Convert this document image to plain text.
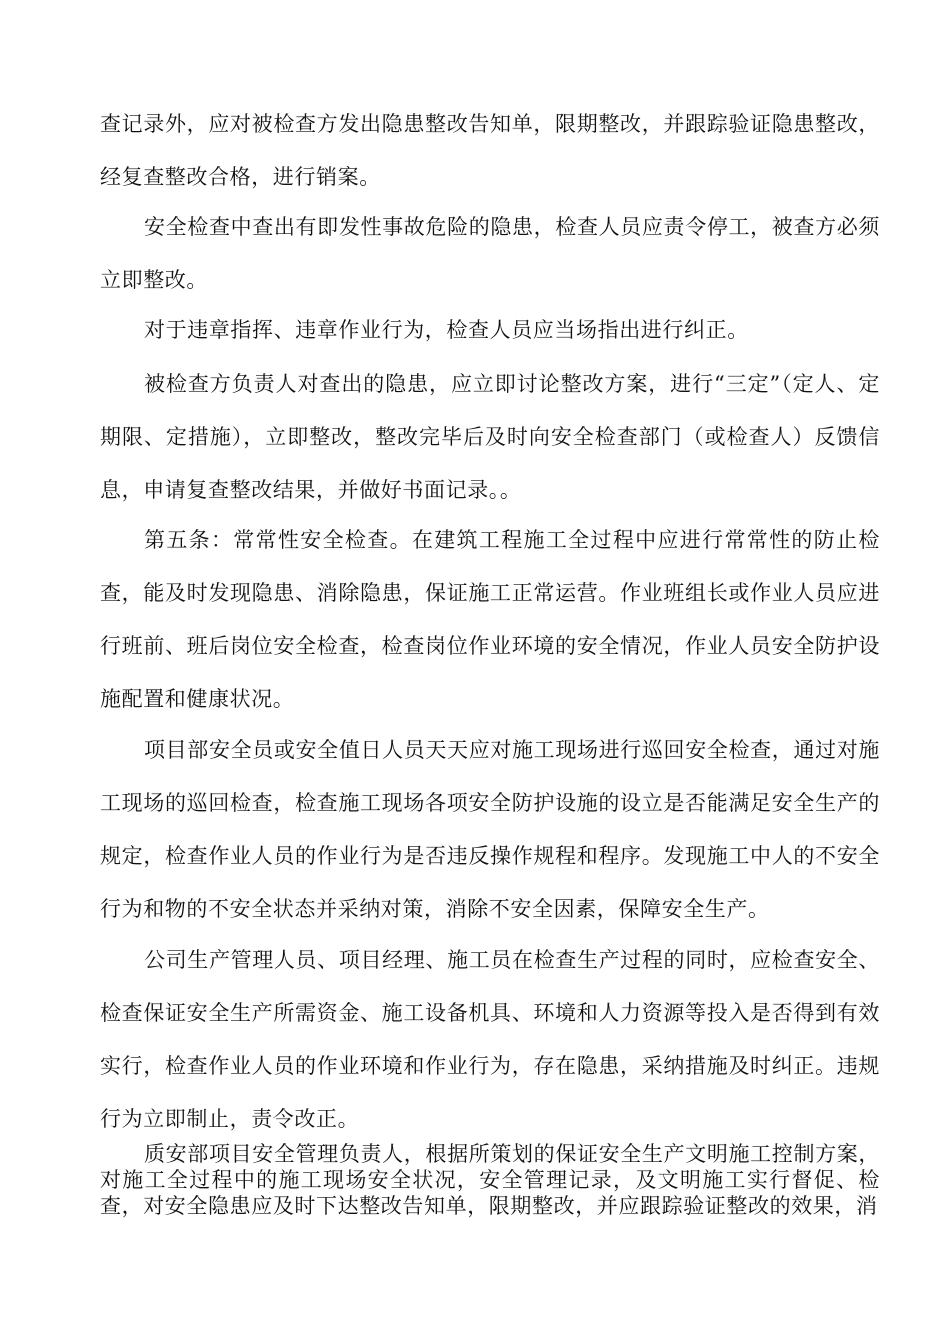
查记录外，应对被检查方发出隐患整改告知单，限期整改，并跟踪验证隐患整改，经复查整改合格，进行销案。

安全检查中查出有即发性事故危险的隐患，检查人员应责令停工，被查方必须立即整改。

对于违章指挥、违章作业行为，检查人员应当场指出进行纠正。

被检查方负责人对查出的隐患，应立即讨论整改方案，进行“三定”（定人、定期限、定措施），立即整改，整改完毕后及时向安全检查部门（或检查人）反馈信息，申请复查整改结果，并做好书面记录。。

第五条：常常性安全检查。在建筑工程施工全过程中应进行常常性的防止检查，能及时发现隐患、消除隐患，保证施工正常运营。作业班组长或作业人员应进行班前、班后岗位安全检查，检查岗位作业环境的安全情况，作业人员安全防护设施配置和健康状况。

项目部安全员或安全值日人员天天应对施工现场进行巡回安全检查，通过对施工现场的巡回检查，检查施工现场各项安全防护设施的设立是否能满足安全生产的规定，检查作业人员的作业行为是否违反操作规程和程序。发现施工中人的不安全行为和物的不安全状态并采纳对策，消除不安全因素，保障安全生产。

公司生产管理人员、项目经理、施工员在检查生产过程的同时，应检查安全、检查保证安全生产所需资金、施工设备机具、环境和人力资源等投入是否得到有效实行，检查作业人员的作业环境和作业行为，存在隐患，采纳措施及时纠正。违规行为立即制止，责令改正。

质安部项目安全管理负责人，根据所策划的保证安全生产文明施工控制方案，对施工全过程中的施工现场安全状况，安全管理记录，及文明施工实行督促、检查，对安全隐患应及时下达整改告知单，限期整改，并应跟踪验证整改的效果，消
